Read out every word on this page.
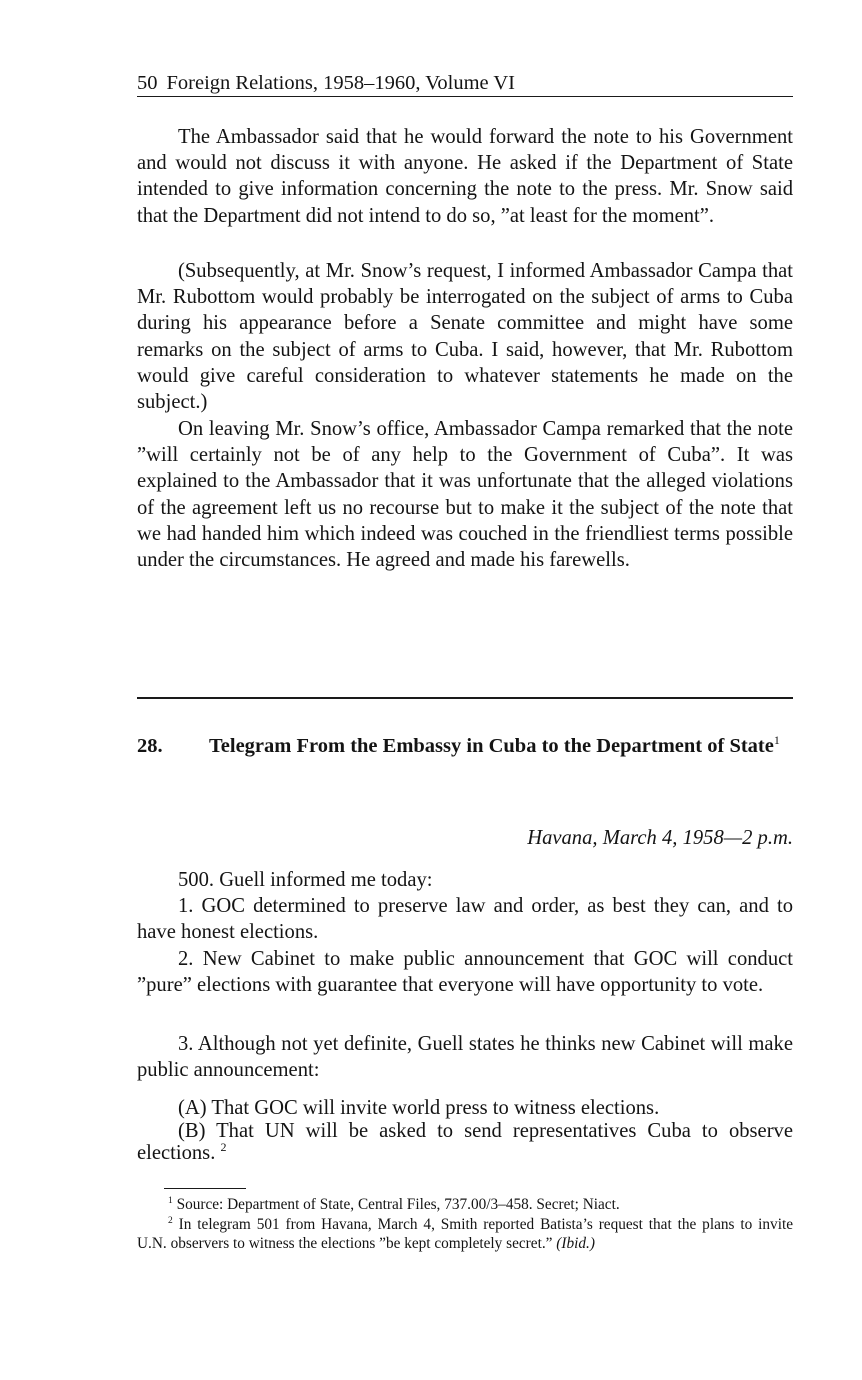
50 Foreign Relations, 1958–1960, Volume VI

The Ambassador said that he would forward the note to his Government and would not discuss it with anyone. He asked if the Department of State intended to give information concerning the note to the press. Mr. Snow said that the Department did not intend to do so, ”at least for the moment”.

(Subsequently, at Mr. Snow’s request, I informed Ambassador Campa that Mr. Rubottom would probably be interrogated on the subject of arms to Cuba during his appearance before a Senate committee and might have some remarks on the subject of arms to Cuba. I said, however, that Mr. Rubottom would give careful consideration to whatever statements he made on the subject.)

On leaving Mr. Snow’s office, Ambassador Campa remarked that the note ”will certainly not be of any help to the Government of Cuba”. It was explained to the Ambassador that it was unfortunate that the alleged violations of the agreement left us no recourse but to make it the subject of the note that we had handed him which indeed was couched in the friendliest terms possible under the circumstances. He agreed and made his farewells.

28. Telegram From the Embassy in Cuba to the Department of State$^1$
Havana, March 4, 1958—2 p.m.

500. Guell informed me today:

1. GOC determined to preserve law and order, as best they can, and to have honest elections.

2. New Cabinet to make public announcement that GOC will conduct ”pure” elections with guarantee that everyone will have opportunity to vote.

3. Although not yet definite, Guell states he thinks new Cabinet will make public announcement:

(A) That GOC will invite world press to witness elections.

(B) That UN will be asked to send representatives Cuba to observe elections. $^2$

$^1$ Source: Department of State, Central Files, 737.00/3–458. Secret; Niact.

$^2$ In telegram 501 from Havana, March 4, Smith reported Batista’s request that the plans to invite U.N. observers to witness the elections ”be kept completely secret.” (Ibid.)
